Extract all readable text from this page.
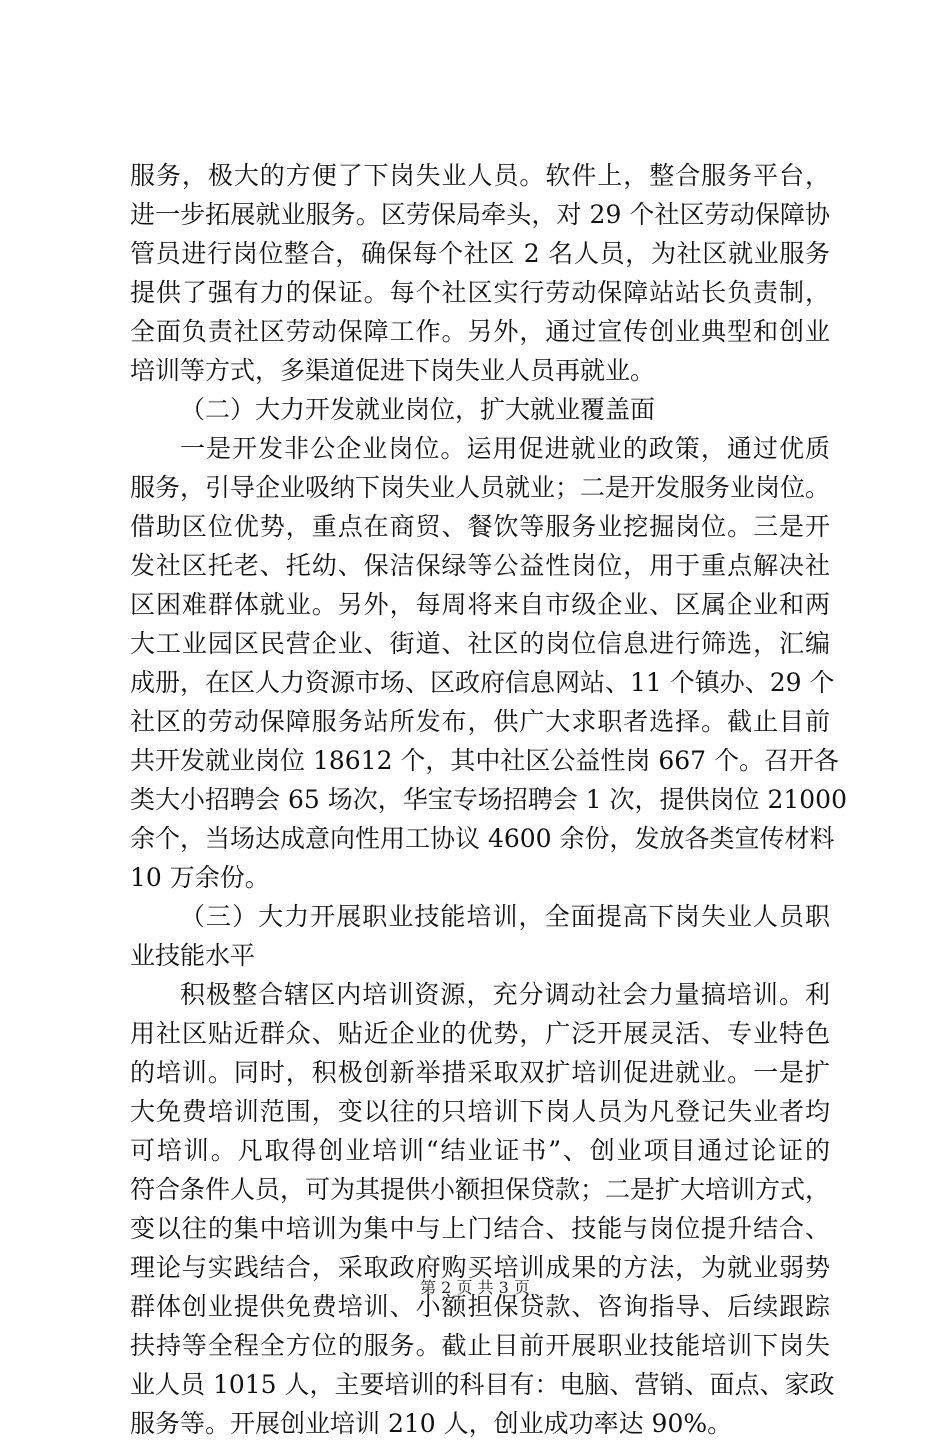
服务，极大的方便了下岗失业人员。软件上，整合服务平台，
进一步拓展就业服务。区劳保局牵头，对 29 个社区劳动保障协
管员进行岗位整合，确保每个社区 2 名人员，为社区就业服务
提供了强有力的保证。每个社区实行劳动保障站站长负责制，
全面负责社区劳动保障工作。另外，通过宣传创业典型和创业
培训等方式，多渠道促进下岗失业人员再就业。
（二）大力开发就业岗位，扩大就业覆盖面
一是开发非公企业岗位。运用促进就业的政策，通过优质
服务，引导企业吸纳下岗失业人员就业；二是开发服务业岗位。
借助区位优势，重点在商贸、餐饮等服务业挖掘岗位。三是开
发社区托老、托幼、保洁保绿等公益性岗位，用于重点解决社
区困难群体就业。另外，每周将来自市级企业、区属企业和两
大工业园区民营企业、街道、社区的岗位信息进行筛选，汇编
成册，在区人力资源市场、区政府信息网站、11 个镇办、29 个
社区的劳动保障服务站所发布，供广大求职者选择。截止目前
共开发就业岗位 18612 个，其中社区公益性岗 667 个。召开各
类大小招聘会 65 场次，华宝专场招聘会 1 次，提供岗位 21000
余个，当场达成意向性用工协议 4600 余份，发放各类宣传材料
10 万余份。
（三）大力开展职业技能培训，全面提高下岗失业人员职
业技能水平
积极整合辖区内培训资源，充分调动社会力量搞培训。利
用社区贴近群众、贴近企业的优势，广泛开展灵活、专业特色
的培训。同时，积极创新举措采取双扩培训促进就业。一是扩
大免费培训范围，变以往的只培训下岗人员为凡登记失业者均
可培训。凡取得创业培训“结业证书”、创业项目通过论证的
符合条件人员，可为其提供小额担保贷款；二是扩大培训方式，
变以往的集中培训为集中与上门结合、技能与岗位提升结合、
理论与实践结合，采取政府购买培训成果的方法，为就业弱势
群体创业提供免费培训、小额担保贷款、咨询指导、后续跟踪
扶持等全程全方位的服务。截止目前开展职业技能培训下岗失
业人员 1015 人，主要培训的科目有：电脑、营销、面点、家政
服务等。开展创业培训 210 人，创业成功率达 90%。
第 2 页 共 3 页
